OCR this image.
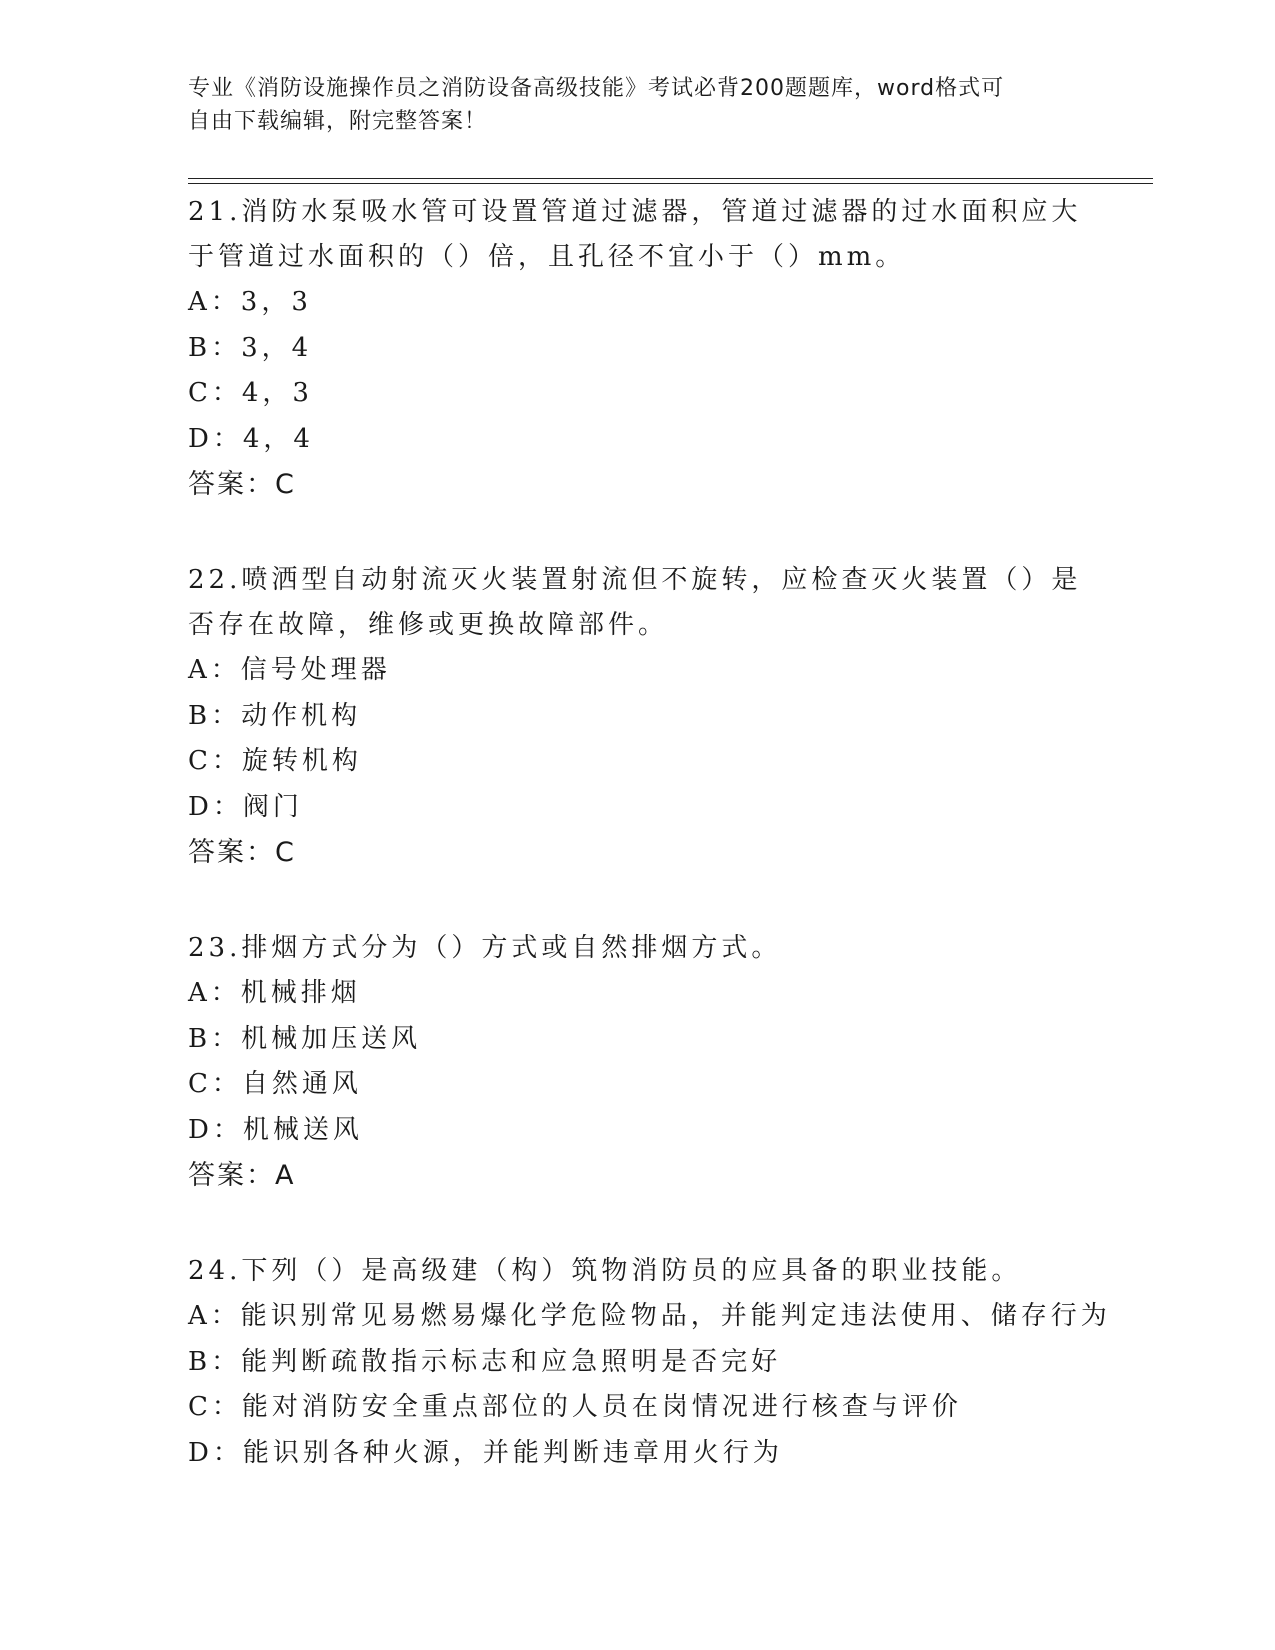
专业《消防设施操作员之消防设备高级技能》考试必背200题题库，word格式可
自由下载编辑，附完整答案！

21.消防水泵吸水管可设置管道过滤器，管道过滤器的过水面积应大于管道过水面积的（）倍，且孔径不宜小于（）mm。

A：3，3
B：3，4
C：4，3
D：4，4
答案：C

22.喷洒型自动射流灭火装置射流但不旋转，应检查灭火装置（）是否存在故障，维修或更换故障部件。

A：信号处理器
B：动作机构
C：旋转机构
D：阀门
答案：C

23.排烟方式分为（）方式或自然排烟方式。

A：机械排烟
B：机械加压送风
C：自然通风
D：机械送风
答案：A

24.下列（）是高级建（构）筑物消防员的应具备的职业技能。

A：能识别常见易燃易爆化学危险物品，并能判定违法使用、储存行为
B：能判断疏散指示标志和应急照明是否完好
C：能对消防安全重点部位的人员在岗情况进行核查与评价
D：能识别各种火源，并能判断违章用火行为
